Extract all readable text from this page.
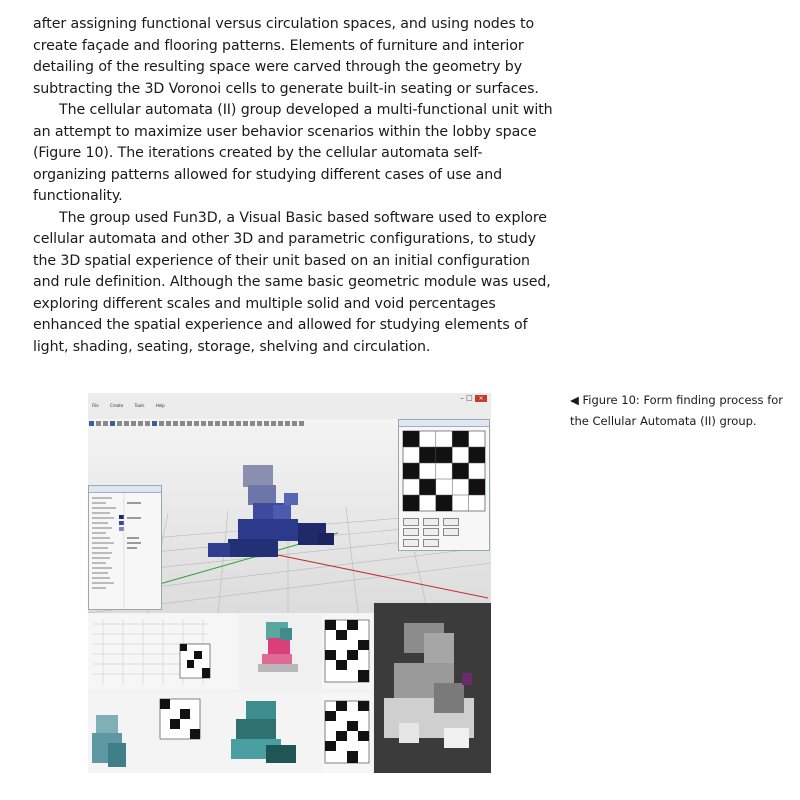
after assigning functional versus circulation spaces, and using nodes to create façade and flooring patterns. Elements of furniture and interior detailing of the resulting space were carved through the geometry by subtracting the 3D Voronoi cells to generate built-in seating or surfaces.

The cellular automata (II) group developed a multi-functional unit with an attempt to maximize user behavior scenarios within the lobby space (Figure 10). The iterations created by the cellular automata self-organizing patterns allowed for studying different cases of use and functionality.

The group used Fun3D, a Visual Basic based software used to explore cellular automata and other 3D and parametric configurations, to study the 3D spatial experience of their unit based on an initial configuration and rule definition. Although the same basic geometric module was used, exploring different scales and multiple solid and void percentages enhanced the spatial experience and allowed for studying elements of light, shading, seating, storage, shelving and circulation.

◀ Figure 10: Form finding process for the Cellular Automata (II) group.
File	Create	Tools	Help
– □ ×
